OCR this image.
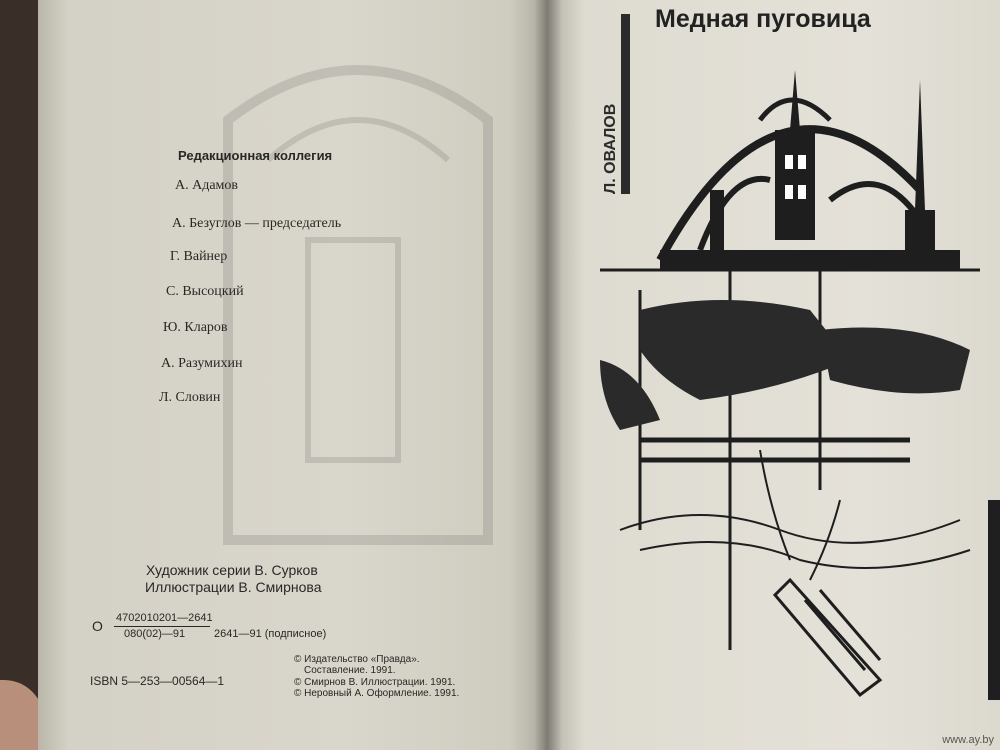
Редакционная коллегия
А. Адамов
А. Безуглов — председатель
Г. Вайнер
С. Высоцкий
Ю. Кларов
А. Разумихин
Л. Словин
Художник серии В. Сурков
Иллюстрации В. Смирнова
О 4702010201—2641
080(02)—91	2641—91 (подписное)
ISBN 5—253—00564—1
© Издательство «Правда».
Составление. 1991.
© Смирнов В. Иллюстрации. 1991.
© Неровный А. Оформление. 1991.
Медная пуговица
Л. ОВАЛОВ
www.ay.by
